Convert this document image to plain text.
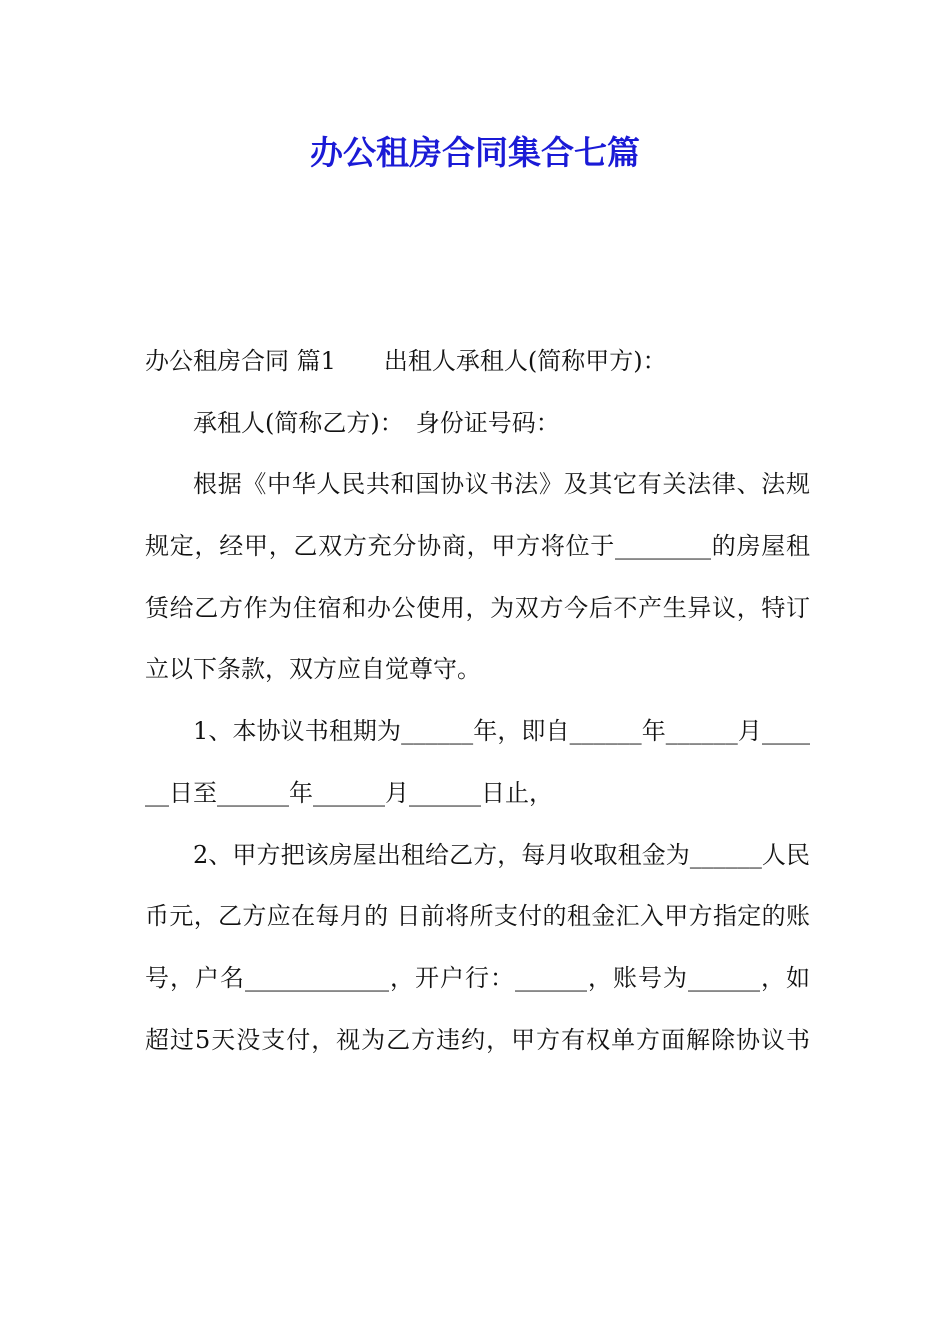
办公租房合同集合七篇
办公租房合同 篇1 出租人承租人(简称甲方)：
承租人(简称乙方)：　身份证号码：
根据《中华人民共和国协议书法》及其它有关法律、法规
规定，经甲，乙双方充分协商，甲方将位于________的房屋租
赁给乙方作为住宿和办公使用，为双方今后不产生异议，特订
立以下条款，双方应自觉尊守。
1、本协议书租期为______年，即自______年______月____
__日至______年______月______日止，
2、甲方把该房屋出租给乙方，每月收取租金为______人民
币元，乙方应在每月的 日前将所支付的租金汇入甲方指定的账
号，户名____________，开户行：______，账号为______，如
超过5天没支付，视为乙方违约，甲方有权单方面解除协议书
